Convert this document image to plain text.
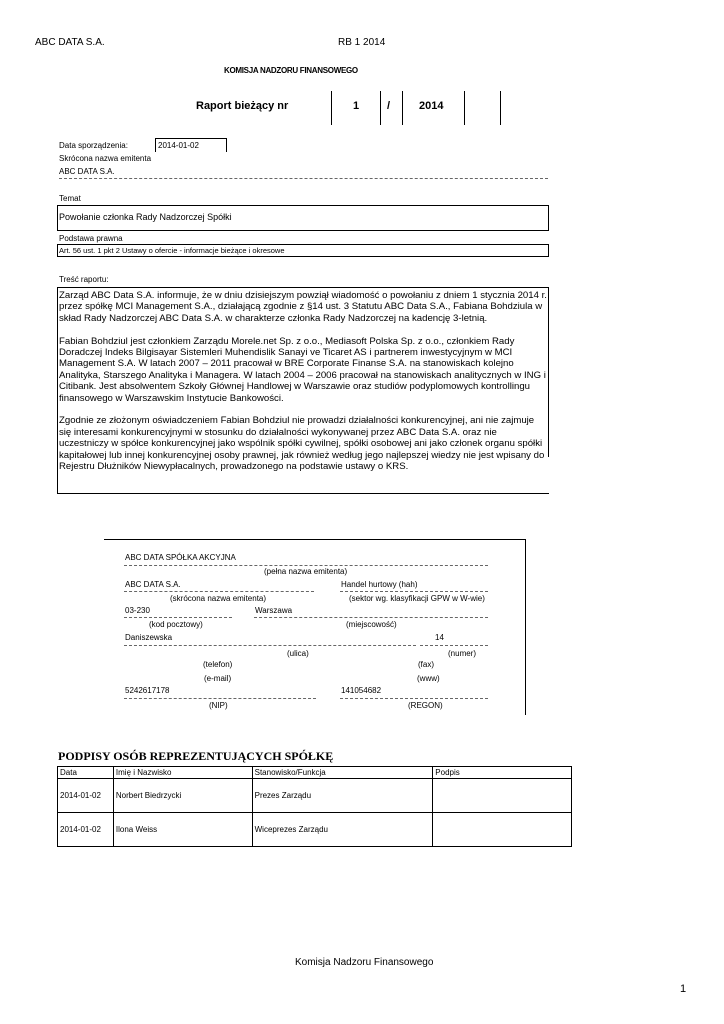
ABC DATA S.A.	RB 1 2014
KOMISJA NADZORU FINANSOWEGO
Raport bieżący nr	1	/	2014
Data sporządzenia:	2014-01-02
Skrócona nazwa emitenta
ABC DATA S.A.
Temat
Powołanie członka Rady Nadzorczej Spółki
Podstawa prawna
Art. 56 ust. 1 pkt 2 Ustawy o ofercie - informacje bieżące i okresowe
Treść raportu:

Zarząd ABC Data S.A. informuje, że w dniu dzisiejszym powziął wiadomość o powołaniu z dniem 1 stycznia 2014 r. przez spółkę MCI Management S.A., działającą zgodnie z §14 ust. 3 Statutu ABC Data S.A., Fabiana Bohdziula w skład Rady Nadzorczej ABC Data S.A. w charakterze członka Rady Nadzorczej na kadencję 3-letnią.

Fabian Bohdziul jest członkiem Zarządu Morele.net Sp. z o.o., Mediasoft Polska Sp. z o.o., członkiem Rady Doradczej Indeks Bilgisayar Sistemleri Muhendislik Sanayi ve Ticaret AS i partnerem inwestycyjnym w MCI Management S.A. W latach 2007 – 2011 pracował w BRE Corporate Finanse S.A. na stanowiskach kolejno Analityka, Starszego Analityka i Managera. W latach 2004 – 2006 pracował na stanowiskach analitycznych w ING i Citibank. Jest absolwentem Szkoły Głównej Handlowej w Warszawie oraz studiów podyplomowych kontrollingu finansowego w Warszawskim Instytucie Bankowości.

Zgodnie ze złożonym oświadczeniem Fabian Bohdziul nie prowadzi działalności konkurencyjnej, ani nie zajmuje się interesami konkurencyjnymi w stosunku do działalności wykonywanej przez ABC Data S.A. oraz nie uczestniczy w spółce konkurencyjnej jako wspólnik spółki cywilnej, spółki osobowej ani jako członek organu spółki kapitałowej lub innej konkurencyjnej osoby prawnej, jak również według jego najlepszej wiedzy nie jest wpisany do Rejestru Dłużników Niewypłacalnych, prowadzonego na podstawie ustawy o KRS.

ABC DATA SPÓŁKA AKCYJNA
(pełna nazwa emitenta)
ABC DATA S.A.	Handel hurtowy (hah)
(skrócona nazwa emitenta)	(sektor wg. klasyfikacji GPW w W-wie)
03-230	Warszawa
(kod pocztowy)	(miejscowość)
Daniszewska	14
(ulica)	(numer)
(telefon)	(fax)
(e-mail)	(www)
5242617178	141054682
(NIP)	(REGON)
PODPISY OSÓB REPREZENTUJĄCYCH SPÓŁKĘ
Data	Imię i Nazwisko	Stanowisko/Funkcja	Podpis
2014-01-02	Norbert Biedrzycki	Prezes Zarządu	
2014-01-02	Ilona Weiss	Wiceprezes Zarządu	
Komisja Nadzoru Finansowego
1
